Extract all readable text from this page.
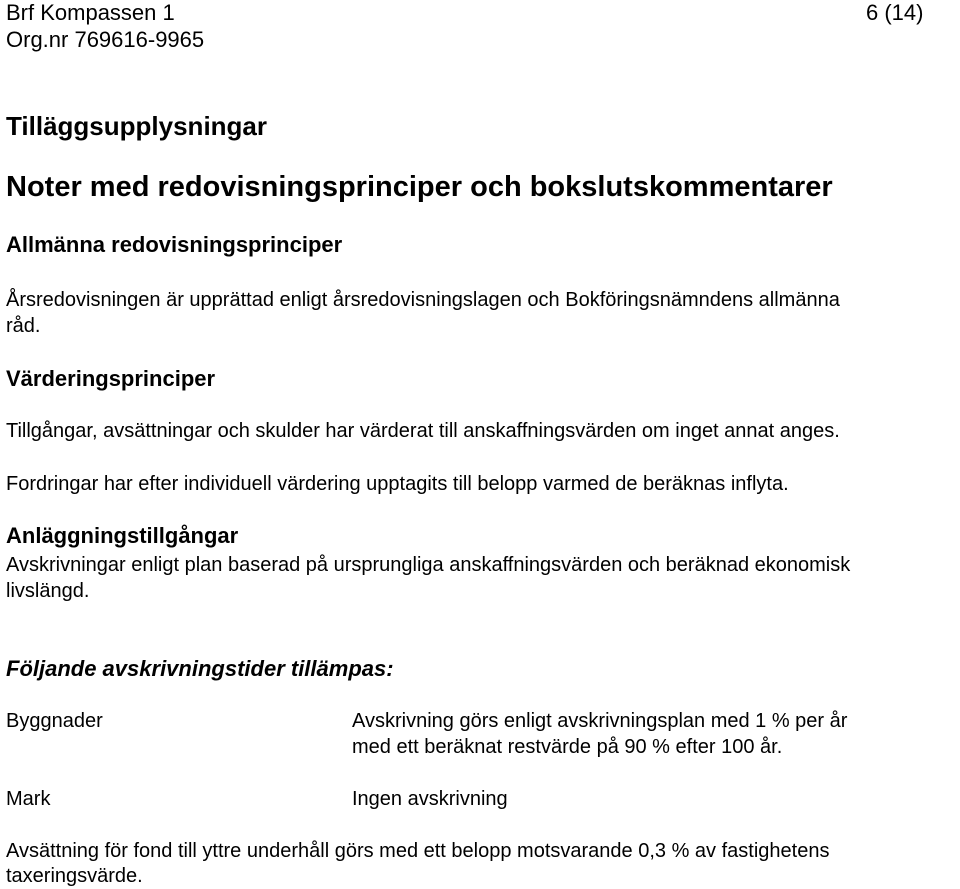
Brf Kompassen 1	6 (14)
Org.nr 769616-9965
Tilläggsupplysningar
Noter med redovisningsprinciper och bokslutskommentarer
Allmänna redovisningsprinciper
Årsredovisningen är upprättad enligt årsredovisningslagen och Bokföringsnämndens allmänna
råd.
Värderingsprinciper
Tillgångar, avsättningar och skulder har värderat till anskaffningsvärden om inget annat anges.
Fordringar har efter individuell värdering upptagits till belopp varmed de beräknas inflyta.
Anläggningstillgångar
Avskrivningar enligt plan baserad på ursprungliga anskaffningsvärden och beräknad ekonomisk
livslängd.
Följande avskrivningstider tillämpas:
Byggnader	Avskrivning görs enligt avskrivningsplan med 1 % per år
med ett beräknat restvärde på 90 % efter 100 år.
Mark	Ingen avskrivning
Avsättning för fond till yttre underhåll görs med ett belopp motsvarande 0,3 % av fastighetens
taxeringsvärde.
